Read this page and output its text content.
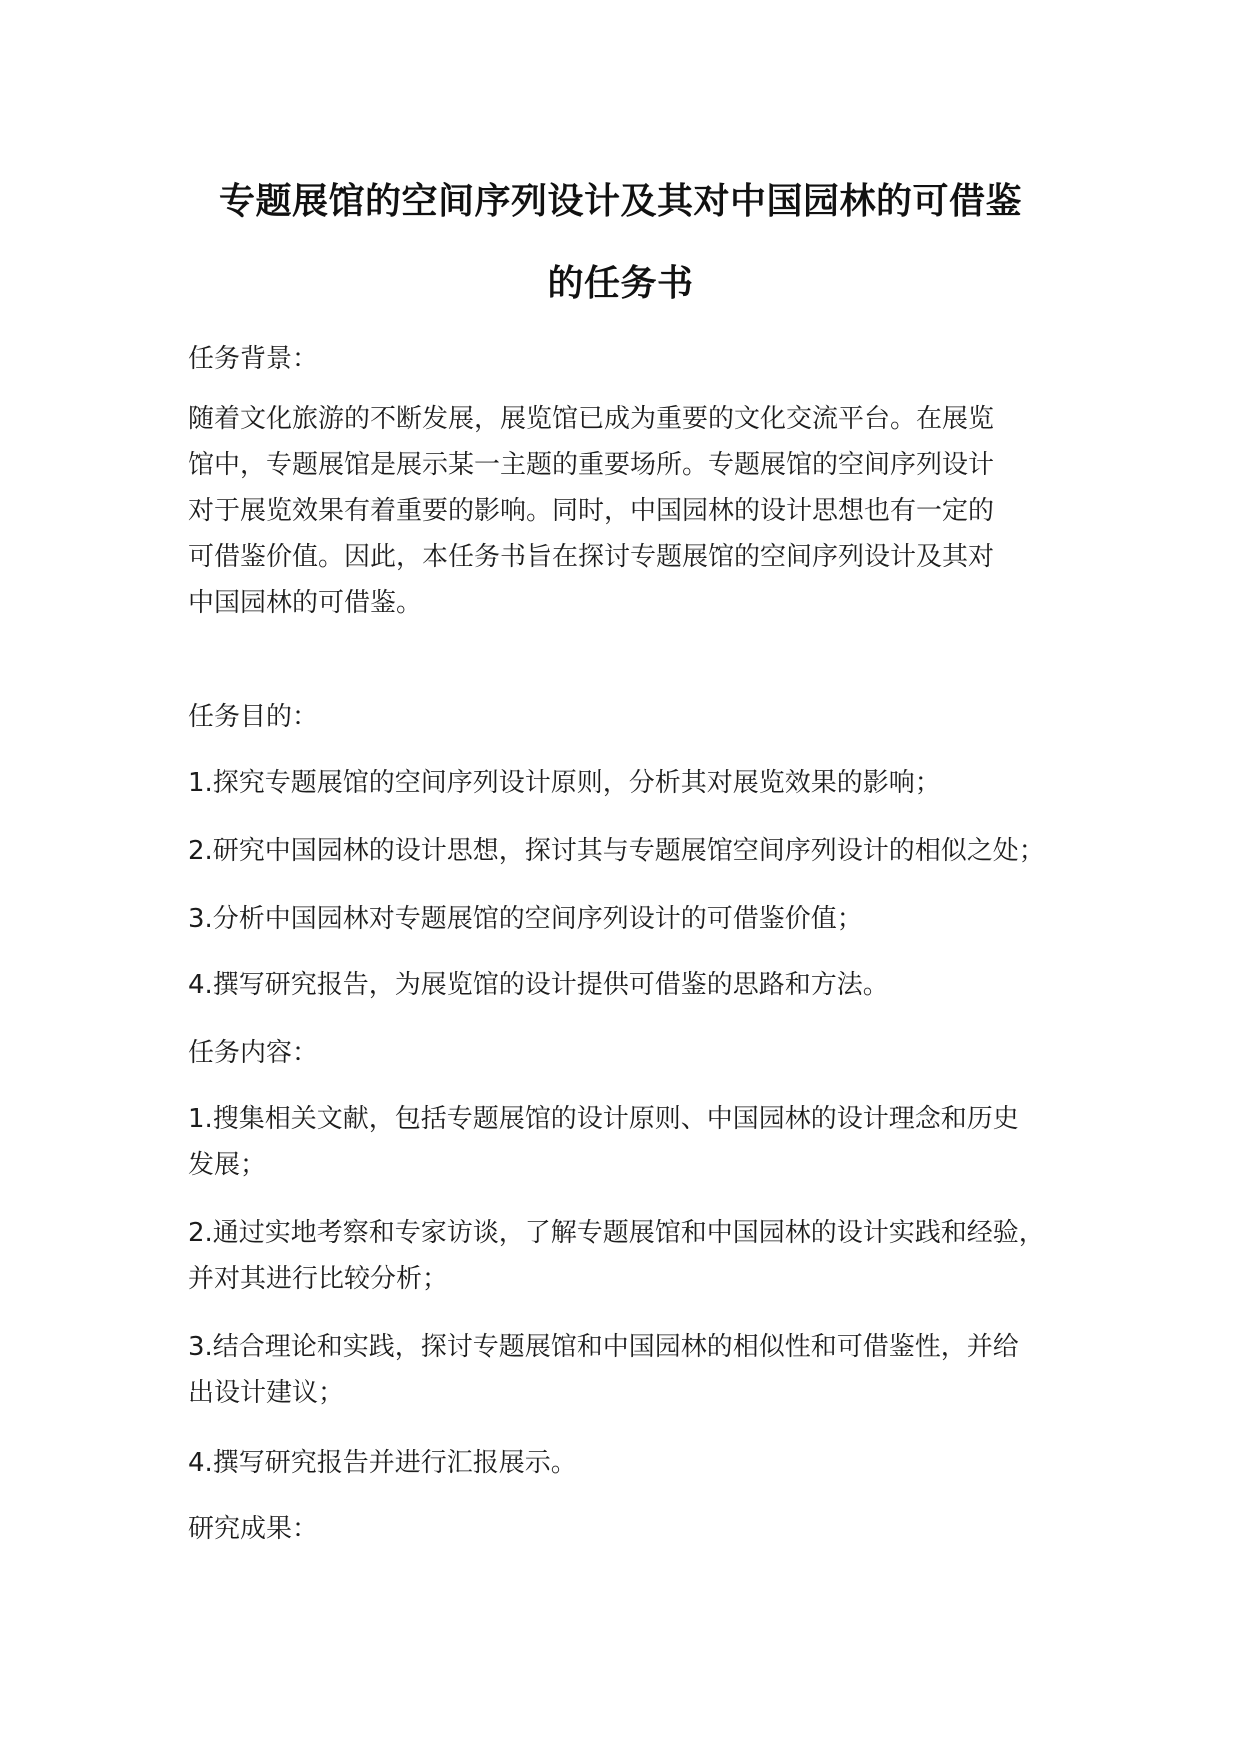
专题展馆的空间序列设计及其对中国园林的可借鉴
的任务书
任务背景：
随着文化旅游的不断发展，展览馆已成为重要的文化交流平台。在展览
馆中，专题展馆是展示某一主题的重要场所。专题展馆的空间序列设计
对于展览效果有着重要的影响。同时，中国园林的设计思想也有一定的
可借鉴价值。因此，本任务书旨在探讨专题展馆的空间序列设计及其对
中国园林的可借鉴。
任务目的：
1.探究专题展馆的空间序列设计原则，分析其对展览效果的影响；
2.研究中国园林的设计思想，探讨其与专题展馆空间序列设计的相似之处；
3.分析中国园林对专题展馆的空间序列设计的可借鉴价值；
4.撰写研究报告，为展览馆的设计提供可借鉴的思路和方法。
任务内容：
1.搜集相关文献，包括专题展馆的设计原则、中国园林的设计理念和历史
发展；
2.通过实地考察和专家访谈，了解专题展馆和中国园林的设计实践和经验，
并对其进行比较分析；
3.结合理论和实践，探讨专题展馆和中国园林的相似性和可借鉴性，并给
出设计建议；
4.撰写研究报告并进行汇报展示。
研究成果：
